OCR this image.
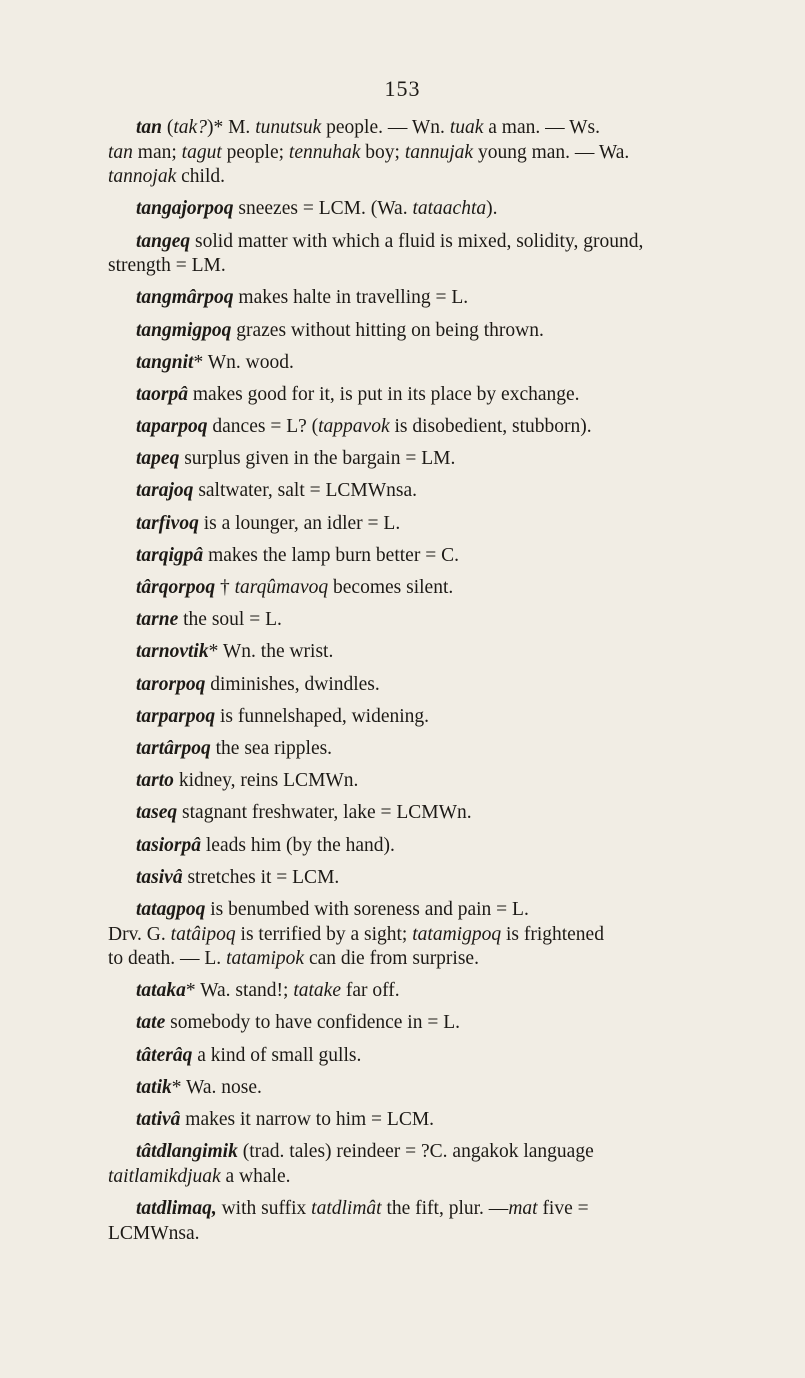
153

tan (tak?)* M. tunutsuk people. — Wn. tuak a man. — Ws.

tan man; tagut people; tennuhak boy; tannujak young man. — Wa.

tannojak child.

tangajorpoq sneezes = LCM. (Wa. tataachta).

tangeq solid matter with which a fluid is mixed, solidity, ground,

strength = LM.

tangmârpoq makes halte in travelling = L.

tangmigpoq grazes without hitting on being thrown.

tangnit* Wn. wood.

taorpâ makes good for it, is put in its place by exchange.

taparpoq dances = L? (tappavok is disobedient, stubborn).

tapeq surplus given in the bargain = LM.

tarajoq saltwater, salt = LCMWnsa.

tarfivoq is a lounger, an idler = L.

tarqigpâ makes the lamp burn better = C.

târqorpoq † tarqûmavoq becomes silent.

tarne the soul = L.

tarnovtik* Wn. the wrist.

tarorpoq diminishes, dwindles.

tarparpoq is funnelshaped, widening.

tartârpoq the sea ripples.

tarto kidney, reins LCMWn.

taseq stagnant freshwater, lake = LCMWn.

tasiorpâ leads him (by the hand).

tasivâ stretches it = LCM.

tatagpoq is benumbed with soreness and pain = L.

Drv. G. tatâipoq is terrified by a sight; tatamigpoq is frightened

to death. — L. tatamipok can die from surprise.

tataka* Wa. stand!; tatake far off.

tate somebody to have confidence in = L.

tâterâq a kind of small gulls.

tatik* Wa. nose.

tativâ makes it narrow to him = LCM.

tâtdlangimik (trad. tales) reindeer = ?C. angakok language

taitlamikdjuak a whale.

tatdlimaq, with suffix tatdlimât the fift, plur. —mat five =

LCMWnsa.
